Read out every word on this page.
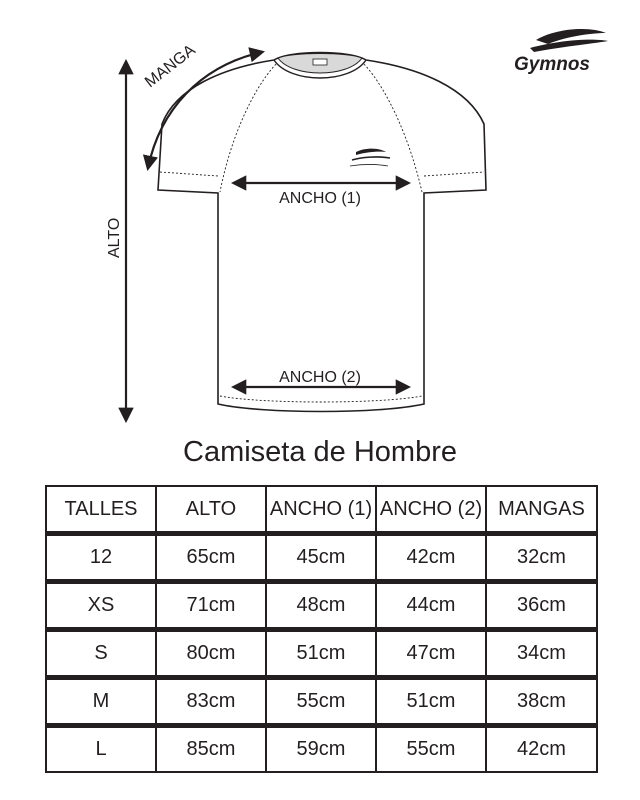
MANGA
ALTO
ANCHO (1)
ANCHO (2)
Gymnos
Camiseta de Hombre
TALLES	ALTO	ANCHO (1)	ANCHO (2)	MANGAS
12	65cm	45cm	42cm	32cm
XS	71cm	48cm	44cm	36cm
S	80cm	51cm	47cm	34cm
M	83cm	55cm	51cm	38cm
L	85cm	59cm	55cm	42cm
